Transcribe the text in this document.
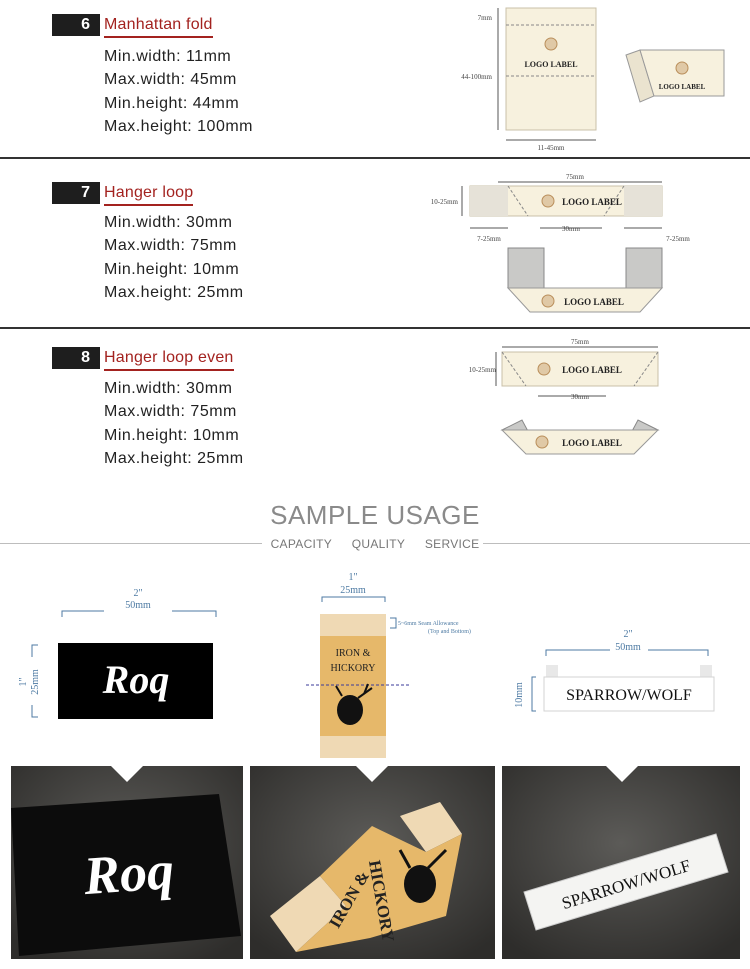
6 Manhattan fold
Min.width: 11mm
Max.width: 45mm
Min.height: 44mm
Max.height: 100mm
LOGO LABEL
7mm
44-100mm
11-45mm
LOGO LABEL
7 Hanger loop
Min.width: 30mm
Max.width: 75mm
Min.height: 10mm
Max.height: 25mm
75mm
LOGO LABEL
10-25mm
7-25mm
30mm
7-25mm
LOGO LABEL
8 Hanger loop even
Min.width: 30mm
Max.width: 75mm
Min.height: 10mm
Max.height: 25mm
75mm
LOGO LABEL
10-25mm
30mm
LOGO LABEL
SAMPLE USAGE
CAPACITY QUALITY SERVICE
2"
50mm
Roq
1" 25mm
1"
25mm
IRON &
HICKORY
5~6mm Seam Allowance
(Top and Bottom)	2"
50mm
SPARROW/WOLF
10mm
Roq	IRON &
HICKORY	SPARROW/WOLF
